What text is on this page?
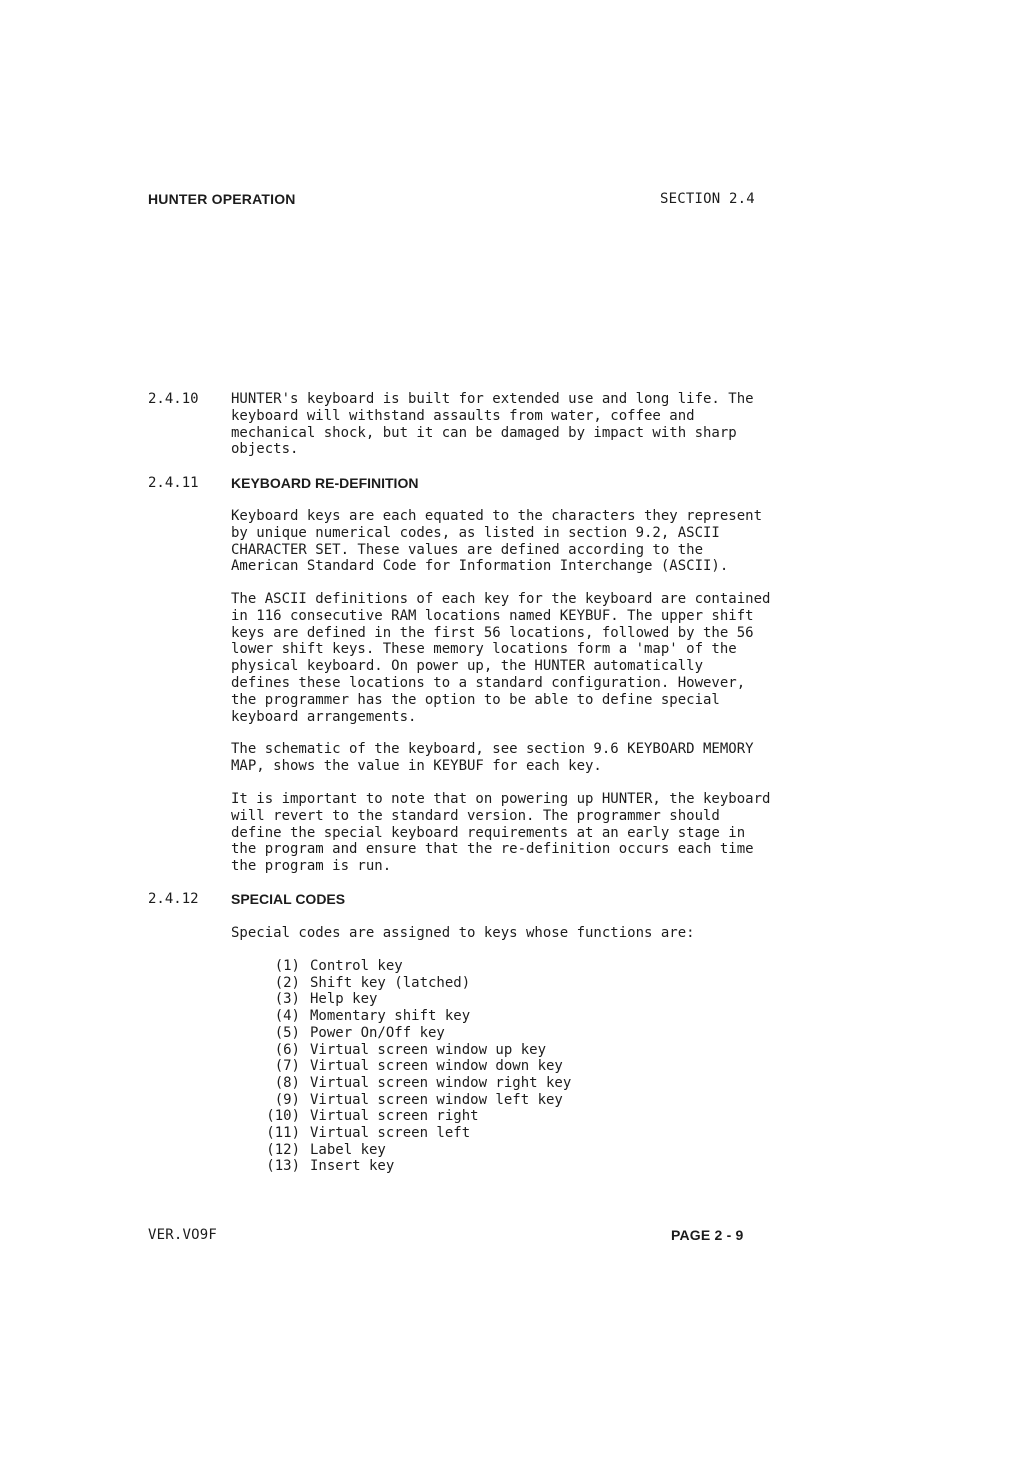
HUNTER OPERATION	SECTION 2.4
2.4.10 HUNTER's keyboard is built for extended use and long life. The
keyboard will withstand assaults from water, coffee and
mechanical shock, but it can be damaged by impact with sharp
objects.
2.4.11 KEYBOARD RE-DEFINITION
Keyboard keys are each equated to the characters they represent
by unique numerical codes, as listed in section 9.2, ASCII
CHARACTER SET. These values are defined according to the
American Standard Code for Information Interchange (ASCII).
The ASCII definitions of each key for the keyboard are contained
in 116 consecutive RAM locations named KEYBUF. The upper shift
keys are defined in the first 56 locations, followed by the 56
lower shift keys. These memory locations form a 'map' of the
physical keyboard. On power up, the HUNTER automatically
defines these locations to a standard configuration. However,
the programmer has the option to be able to define special
keyboard arrangements.
The schematic of the keyboard, see section 9.6 KEYBOARD MEMORY
MAP, shows the value in KEYBUF for each key.
It is important to note that on powering up HUNTER, the keyboard
will revert to the standard version. The programmer should
define the special keyboard requirements at an early stage in
the program and ensure that the re-definition occurs each time
the program is run.
2.4.12 SPECIAL CODES
Special codes are assigned to keys whose functions are:
(1) Control key
(2) Shift key (latched)
(3) Help key
(4) Momentary shift key
(5) Power On/Off key
(6) Virtual screen window up key
(7) Virtual screen window down key
(8) Virtual screen window right key
(9) Virtual screen window left key
(10) Virtual screen right
(11) Virtual screen left
(12) Label key
(13) Insert key
VER.VO9F	PAGE 2 - 9
